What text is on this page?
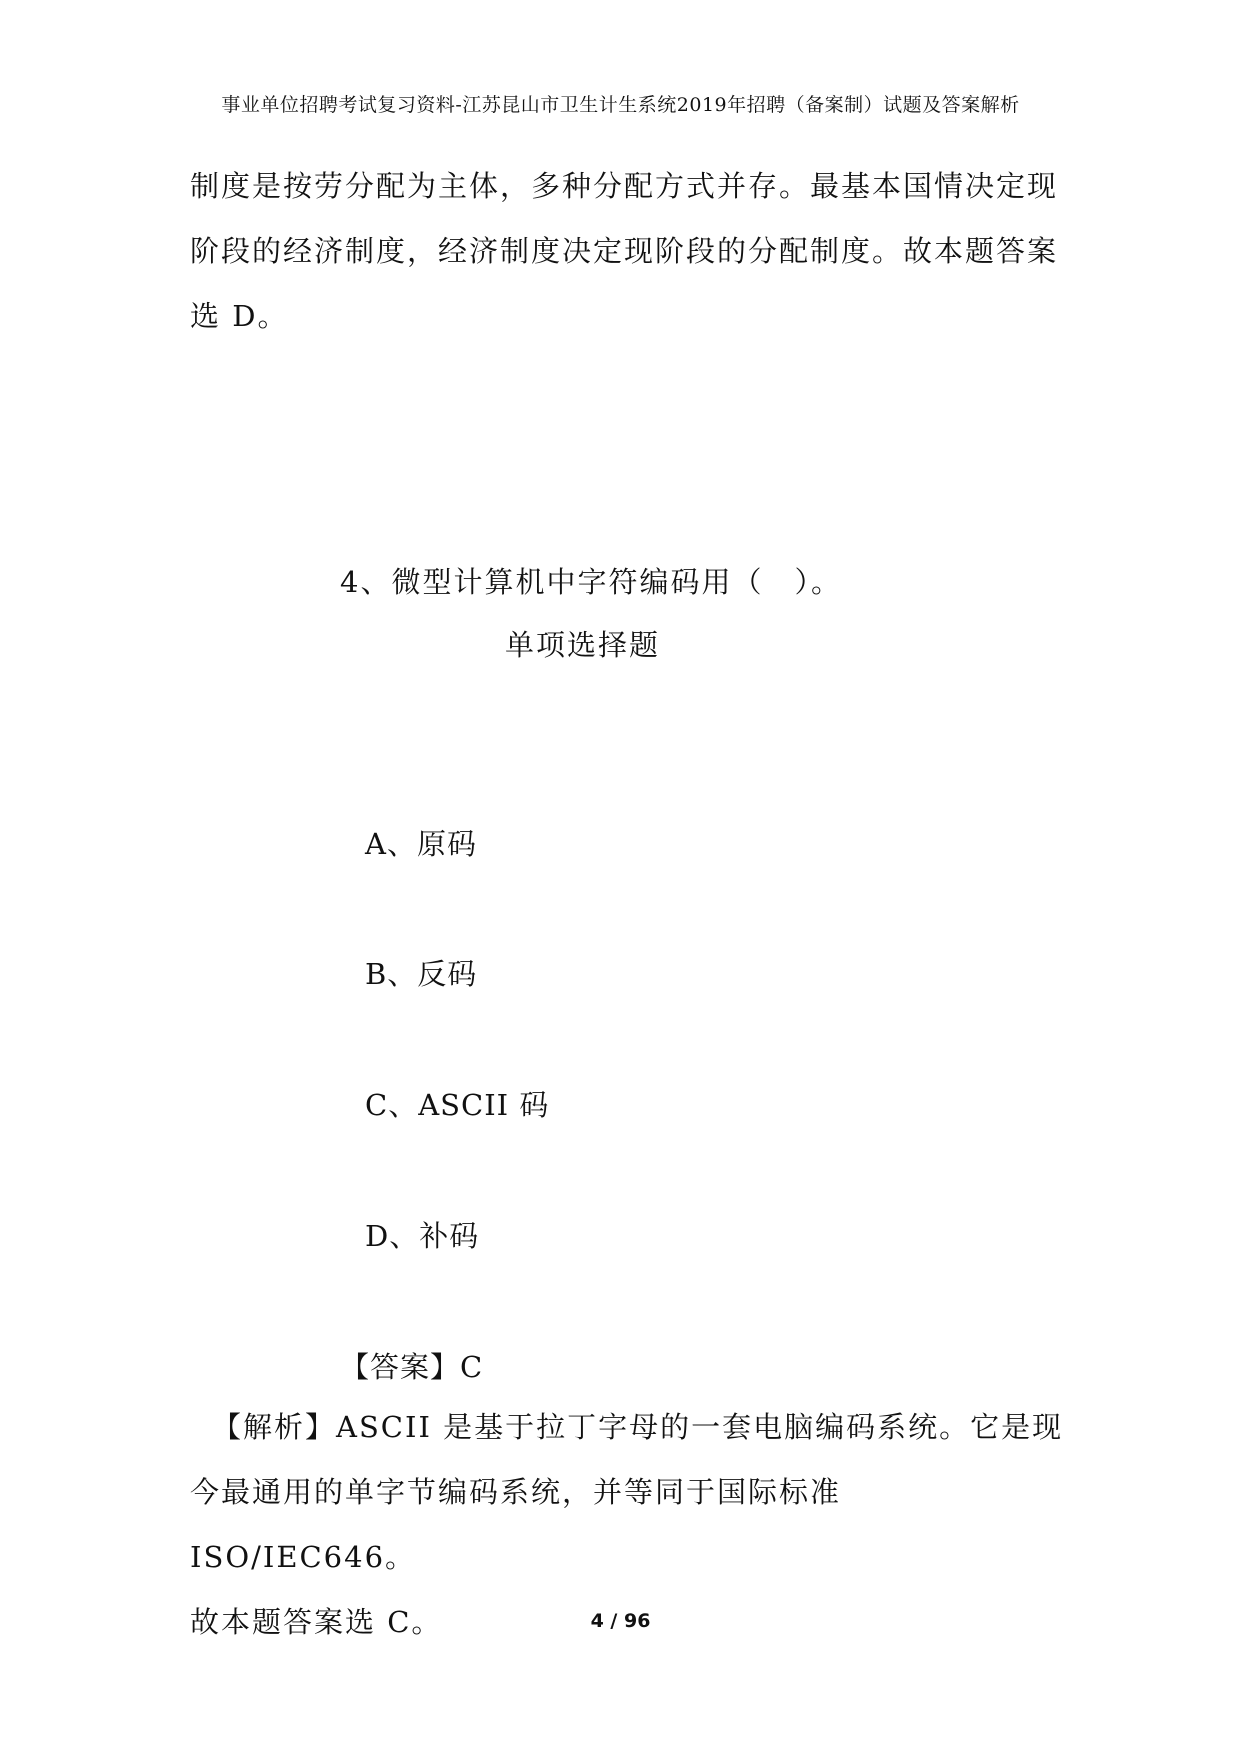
事业单位招聘考试复习资料-江苏昆山市卫生计生系统2019年招聘（备案制）试题及答案解析
制度是按劳分配为主体，多种分配方式并存。最基本国情决定现
阶段的经济制度，经济制度决定现阶段的分配制度。故本题答案
选 D。
4、微型计算机中字符编码用（　）。
单项选择题
A、原码
B、反码
C、ASCII 码
D、补码
【答案】C
【解析】ASCII 是基于拉丁字母的一套电脑编码系统。它是现
今最通用的单字节编码系统，并等同于国际标准 ISO/IEC646。
故本题答案选 C。	4 / 96
